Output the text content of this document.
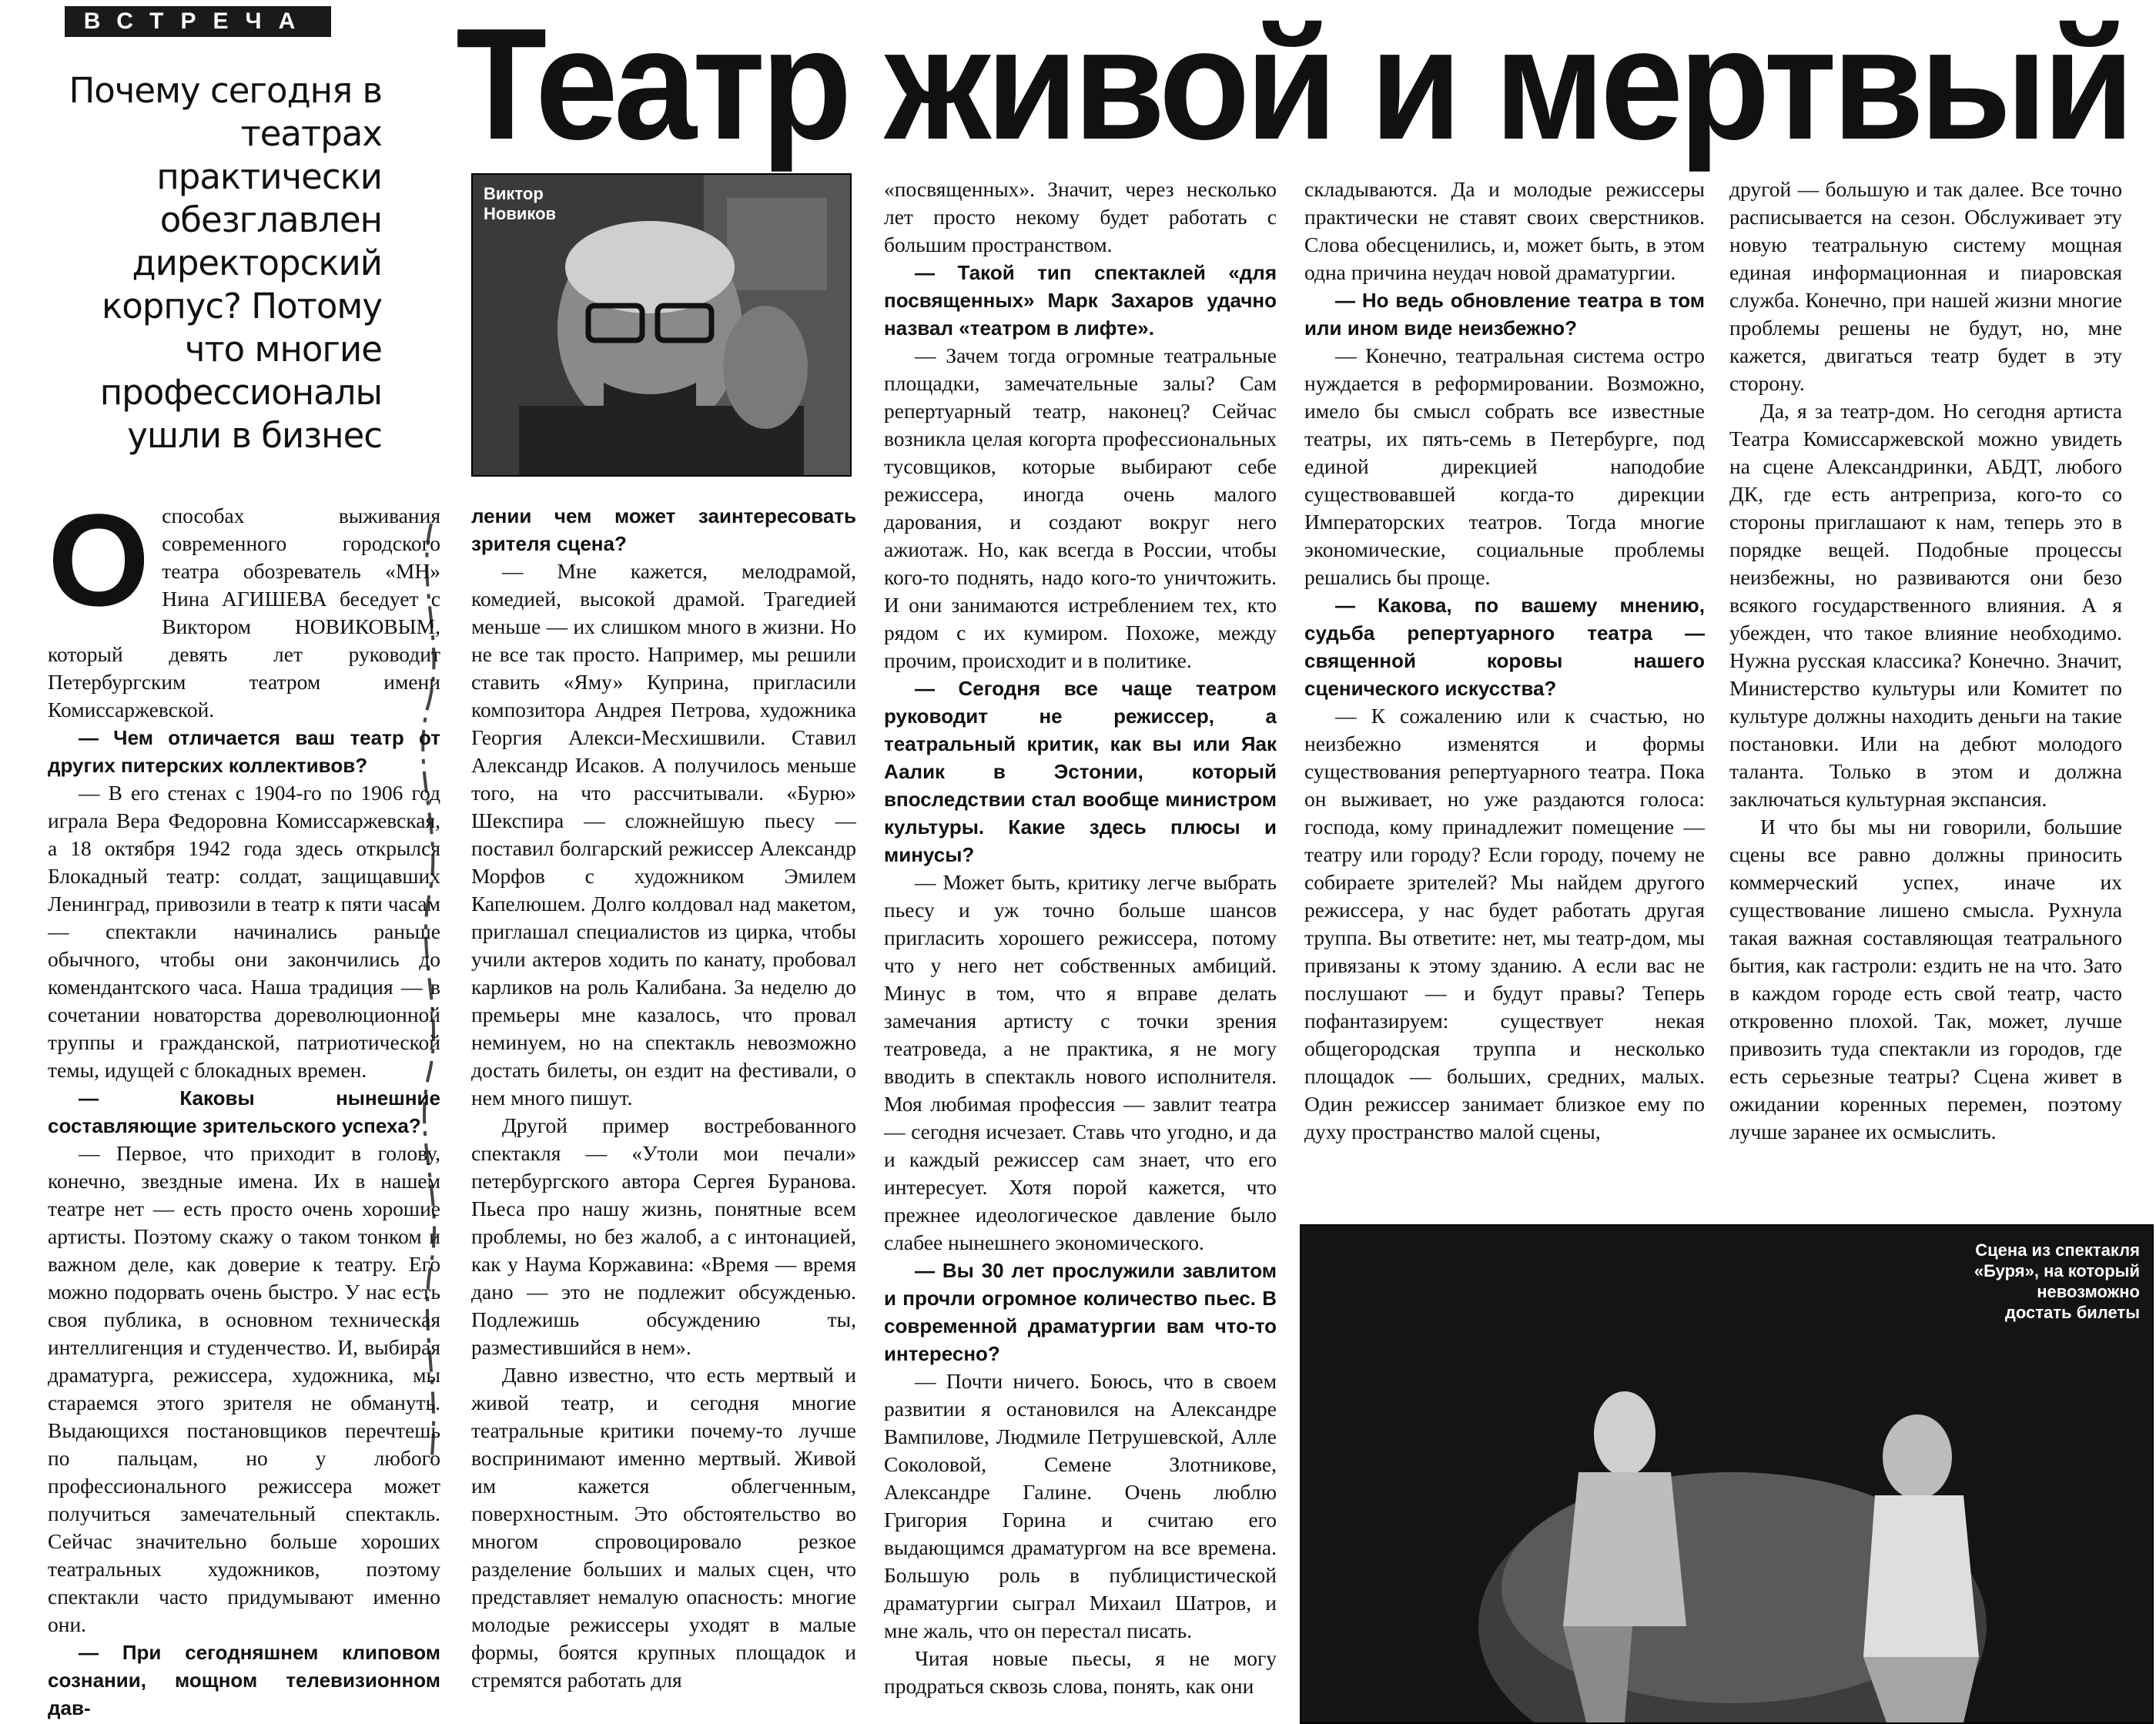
ВСТРЕЧА Театр живой и мертвый
Почему сегодня в театрах практически обезглавлен директорский корпус? Потому что многие профессионалы ушли в бизнес
Виктор
Новиков
О способах выживания современного городского театра обозреватель «МН» Нина АГИШЕВА беседует с Виктором НОВИКОВЫМ, который девять лет руководит Петербургским театром имени Комиссаржевской.

— Чем отличается ваш театр от других питерских коллективов?

— В его стенах с 1904-го по 1906 год играла Вера Федоровна Комиссаржевская, а 18 октября 1942 года здесь открылся Блокадный театр: солдат, защищавших Ленинград, привозили в театр к пяти часам — спектакли начинались раньше обычного, чтобы они закончились до комендантского часа. Наша традиция — в сочетании новаторства дореволюционной труппы и гражданской, патриотической темы, идущей с блокадных времен.

— Каковы нынешние составляющие зрительского успеха?

— Первое, что приходит в голову, конечно, звездные имена. Их в нашем театре нет — есть просто очень хорошие артисты. Поэтому скажу о таком тонком и важном деле, как доверие к театру. Его можно подорвать очень быстро. У нас есть своя публика, в основном техническая интеллигенция и студенчество. И, выбирая драматурга, режиссера, художника, мы стараемся этого зрителя не обмануть. Выдающихся постановщиков перечтешь по пальцам, но у любого профессионального режиссера может получиться замечательный спектакль. Сейчас значительно больше хороших театральных художников, поэтому спектакли часто придумывают именно они.

— При сегодняшнем клиповом сознании, мощном телевизионном дав-

лении чем может заинтересовать зрителя сцена?

— Мне кажется, мелодрамой, комедией, высокой драмой. Трагедией меньше — их слишком много в жизни. Но не все так просто. Например, мы решили ставить «Яму» Куприна, пригласили композитора Андрея Петрова, художника Георгия Алекси-Месхишвили. Ставил Александр Исаков. А получилось меньше того, на что рассчитывали. «Бурю» Шекспира — сложнейшую пьесу — поставил болгарский режиссер Александр Морфов с художником Эмилем Капелюшем. Долго колдовал над макетом, приглашал специалистов из цирка, чтобы учили актеров ходить по канату, пробовал карликов на роль Калибана. За неделю до премьеры мне казалось, что провал неминуем, но на спектакль невозможно достать билеты, он ездит на фестивали, о нем много пишут.

Другой пример востребованного спектакля — «Утоли мои печали» петербургского автора Сергея Буранова. Пьеса про нашу жизнь, понятные всем проблемы, но без жалоб, а с интонацией, как у Наума Коржавина: «Время — время дано — это не подлежит обсужденью. Подлежишь обсуждению ты, разместившийся в нем».

Давно известно, что есть мертвый и живой театр, и сегодня многие театральные критики почему-то лучше воспринимают именно мертвый. Живой им кажется облегченным, поверхностным. Это обстоятельство во многом спровоцировало резкое разделение больших и малых сцен, что представляет немалую опасность: многие молодые режиссеры уходят в малые формы, боятся крупных площадок и стремятся работать для

«посвященных». Значит, через несколько лет просто некому будет работать с большим пространством.

— Такой тип спектаклей «для посвященных» Марк Захаров удачно назвал «театром в лифте».

— Зачем тогда огромные театральные площадки, замечательные залы? Сам репертуарный театр, наконец? Сейчас возникла целая когорта профессиональных тусовщиков, которые выбирают себе режиссера, иногда очень малого дарования, и создают вокруг него ажиотаж. Но, как всегда в России, чтобы кого-то поднять, надо кого-то уничтожить. И они занимаются истреблением тех, кто рядом с их кумиром. Похоже, между прочим, происходит и в политике.

— Сегодня все чаще театром руководит не режиссер, а театральный критик, как вы или Яак Аалик в Эстонии, который впоследствии стал вообще министром культуры. Какие здесь плюсы и минусы?

— Может быть, критику легче выбрать пьесу и уж точно больше шансов пригласить хорошего режиссера, потому что у него нет собственных амбиций. Минус в том, что я вправе делать замечания артисту с точки зрения театроведа, а не практика, я не могу вводить в спектакль нового исполнителя. Моя любимая профессия — завлит театра — сегодня исчезает. Ставь что угодно, и да и каждый режиссер сам знает, что его интересует. Хотя порой кажется, что прежнее идеологическое давление было слабее нынешнего экономического.

— Вы 30 лет прослужили завлитом и прочли огромное количество пьес. В современной драматургии вам что-то интересно?

— Почти ничего. Боюсь, что в своем развитии я остановился на Александре Вампилове, Людмиле Петрушевской, Алле Соколовой, Семене Злотникове, Александре Галине. Очень люблю Григория Горина и считаю его выдающимся драматургом на все времена. Большую роль в публицистической драматургии сыграл Михаил Шатров, и мне жаль, что он перестал писать.

Читая новые пьесы, я не могу продраться сквозь слова, понять, как они

складываются. Да и молодые режиссеры практически не ставят своих сверстников. Слова обесценились, и, может быть, в этом одна причина неудач новой драматургии.

— Но ведь обновление театра в том или ином виде неизбежно?

— Конечно, театральная система остро нуждается в реформировании. Возможно, имело бы смысл собрать все известные театры, их пять-семь в Петербурге, под единой дирекцией наподобие существовавшей когда-то дирекции Императорских театров. Тогда многие экономические, социальные проблемы решались бы проще.

— Какова, по вашему мнению, судьба репертуарного театра — священной коровы нашего сценического искусства?

— К сожалению или к счастью, но неизбежно изменятся и формы существования репертуарного театра. Пока он выживает, но уже раздаются голоса: господа, кому принадлежит помещение — театру или городу? Если городу, почему не собираете зрителей? Мы найдем другого режиссера, у нас будет работать другая труппа. Вы ответите: нет, мы театр-дом, мы привязаны к этому зданию. А если вас не послушают — и будут правы? Теперь пофантазируем: существует некая общегородская труппа и несколько площадок — больших, средних, малых. Один режиссер занимает близкое ему по духу пространство малой сцены,

другой — большую и так далее. Все точно расписывается на сезон. Обслуживает эту новую театральную систему мощная единая информационная и пиаровская служба. Конечно, при нашей жизни многие проблемы решены не будут, но, мне кажется, двигаться театр будет в эту сторону.

Да, я за театр-дом. Но сегодня артиста Театра Комиссаржевской можно увидеть на сцене Александринки, АБДТ, любого ДК, где есть антреприза, кого-то со стороны приглашают к нам, теперь это в порядке вещей. Подобные процессы неизбежны, но развиваются они безо всякого государственного влияния. А я убежден, что такое влияние необходимо. Нужна русская классика? Конечно. Значит, Министерство культуры или Комитет по культуре должны находить деньги на такие постановки. Или на дебют молодого таланта. Только в этом и должна заключаться культурная экспансия.

И что бы мы ни говорили, большие сцены все равно должны приносить коммерческий успех, иначе их существование лишено смысла. Рухнула такая важная составляющая театрального бытия, как гастроли: ездить не на что. Зато в каждом городе есть свой театр, часто откровенно плохой. Так, может, лучше привозить туда спектакли из городов, где есть серьезные театры? Сцена живет в ожидании коренных перемен, поэтому лучше заранее их осмыслить.

Сцена из спектакля
«Буря», на который
невозможно
достать билеты
